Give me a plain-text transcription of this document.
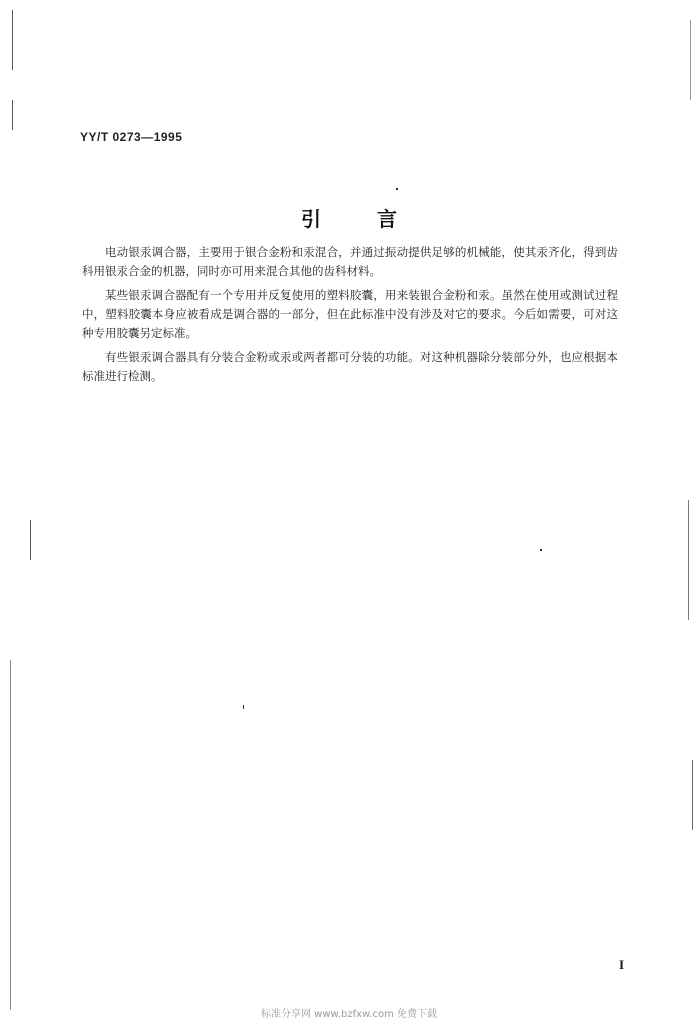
YY/T 0273—1995
引	言

电动银汞调合器，主要用于银合金粉和汞混合，并通过振动提供足够的机械能，使其汞齐化，得到齿科用银汞合金的机器，同时亦可用来混合其他的齿科材料。

某些银汞调合器配有一个专用并反复使用的塑料胶囊，用来装银合金粉和汞。虽然在使用或测试过程中，塑料胶囊本身应被看成是调合器的一部分，但在此标准中没有涉及对它的要求。今后如需要，可对这种专用胶囊另定标准。

有些银汞调合器具有分装合金粉或汞或两者都可分装的功能。对这种机器除分装部分外，也应根据本标准进行检测。

I
标准分享网 www.bzfxw.com 免费下载
